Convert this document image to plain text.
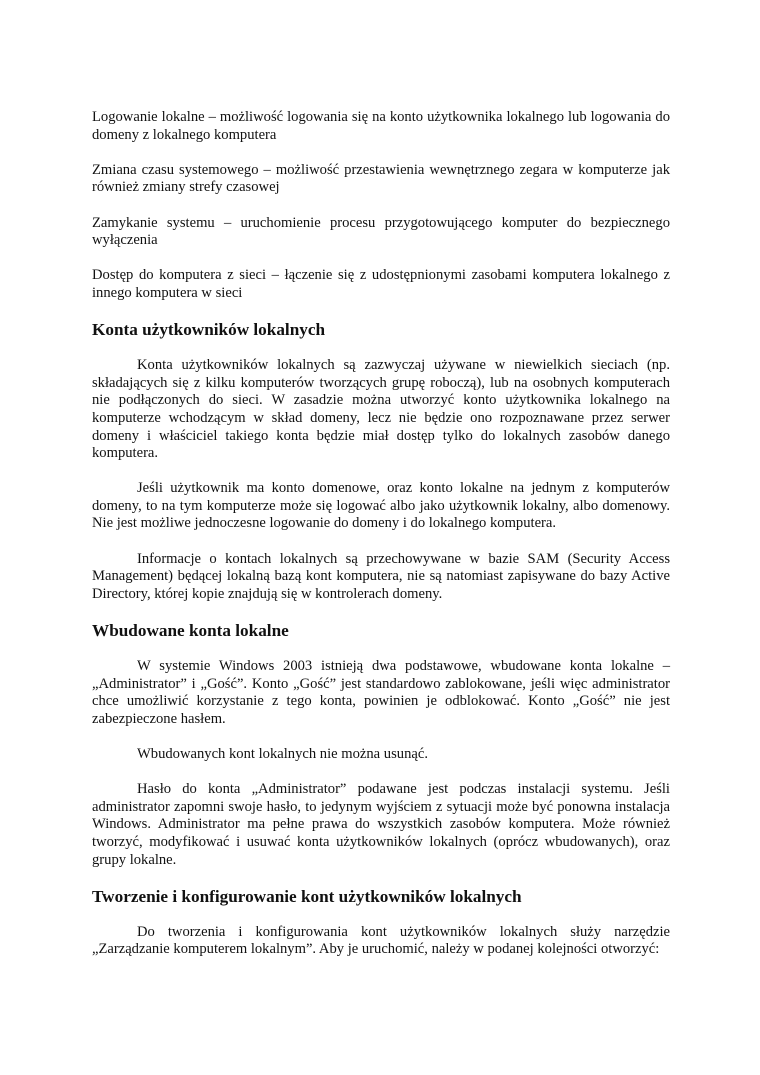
Logowanie lokalne – możliwość logowania się na konto użytkownika lokalnego lub logowania do domeny z lokalnego komputera

Zmiana czasu systemowego – możliwość przestawienia wewnętrznego zegara w komputerze jak również zmiany strefy czasowej

Zamykanie systemu – uruchomienie procesu przygotowującego komputer do bezpiecznego wyłączenia

Dostęp do komputera z sieci – łączenie się z udostępnionymi zasobami komputera lokalnego z innego komputera w sieci

Konta użytkowników lokalnych

Konta użytkowników lokalnych są zazwyczaj używane w niewielkich sieciach (np. składających się z kilku komputerów tworzących grupę roboczą), lub na osobnych komputerach nie podłączonych do sieci. W zasadzie można utworzyć konto użytkownika lokalnego na komputerze wchodzącym w skład domeny, lecz nie będzie ono rozpoznawane przez serwer domeny i właściciel takiego konta będzie miał dostęp tylko do lokalnych zasobów danego komputera.

Jeśli użytkownik ma konto domenowe, oraz konto lokalne na jednym z komputerów domeny, to na tym komputerze może się logować albo jako użytkownik lokalny, albo domenowy. Nie jest możliwe jednoczesne logowanie do domeny i do lokalnego komputera.

Informacje o kontach lokalnych są przechowywane w bazie SAM (Security Access Management) będącej lokalną bazą kont komputera, nie są natomiast zapisywane do bazy Active Directory, której kopie znajdują się w kontrolerach domeny.

Wbudowane konta lokalne

W systemie Windows 2003 istnieją dwa podstawowe, wbudowane konta lokalne – „Administrator” i „Gość”. Konto „Gość” jest standardowo zablokowane, jeśli więc administrator chce umożliwić korzystanie z tego konta, powinien je odblokować. Konto „Gość” nie jest zabezpieczone hasłem.

Wbudowanych kont lokalnych nie można usunąć.

Hasło do konta „Administrator” podawane jest podczas instalacji systemu. Jeśli administrator zapomni swoje hasło, to jedynym wyjściem z sytuacji może być ponowna instalacja Windows. Administrator ma pełne prawa do wszystkich zasobów komputera. Może również tworzyć, modyfikować i usuwać konta użytkowników lokalnych (oprócz wbudowanych), oraz grupy lokalne.

Tworzenie i konfigurowanie kont użytkowników lokalnych

Do tworzenia i konfigurowania kont użytkowników lokalnych służy narzędzie „Zarządzanie komputerem lokalnym”. Aby je uruchomić, należy w podanej kolejności otworzyć:
